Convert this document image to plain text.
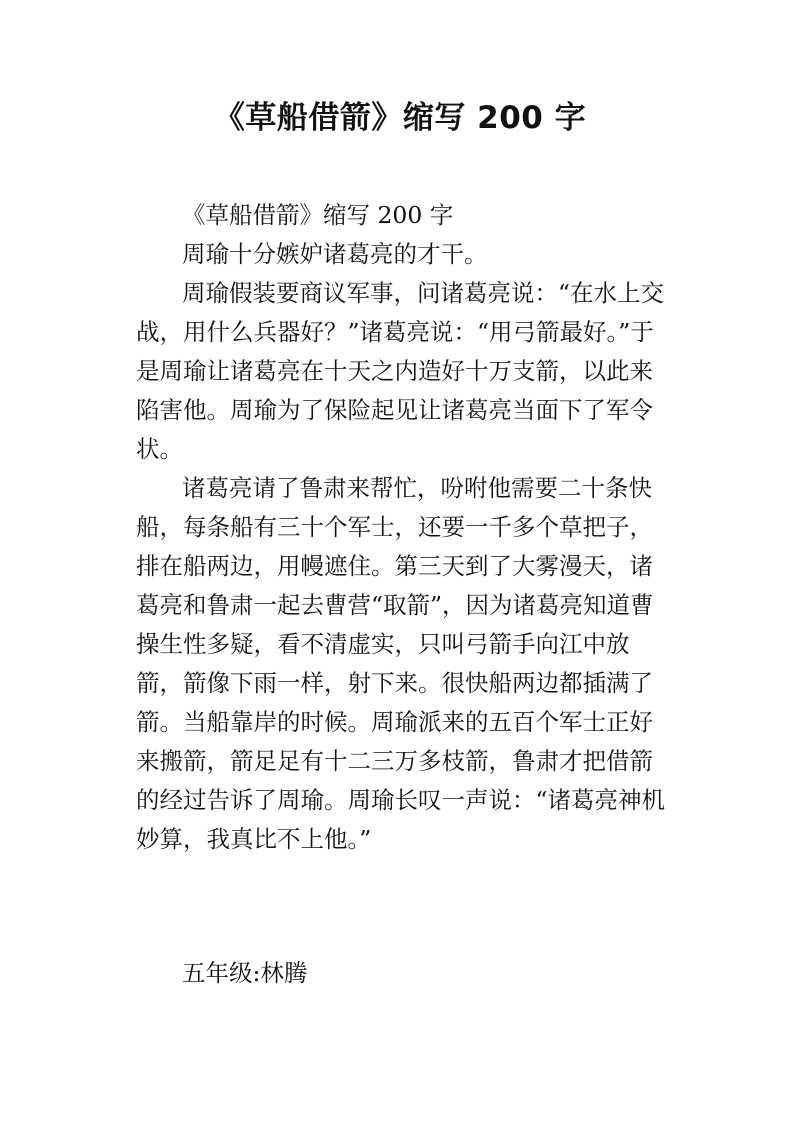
《草船借箭》缩写 200 字

《草船借箭》缩写 200 字

周瑜十分嫉妒诸葛亮的才干。

周瑜假装要商议军事，问诸葛亮说：“在水上交战，用什么兵器好？”诸葛亮说：“用弓箭最好。”于是周瑜让诸葛亮在十天之内造好十万支箭，以此来陷害他。周瑜为了保险起见让诸葛亮当面下了军令状。

诸葛亮请了鲁肃来帮忙，吩咐他需要二十条快船，每条船有三十个军士，还要一千多个草把子，排在船两边，用幔遮住。第三天到了大雾漫天，诸葛亮和鲁肃一起去曹营“取箭”，因为诸葛亮知道曹操生性多疑，看不清虚实，只叫弓箭手向江中放箭，箭像下雨一样，射下来。很快船两边都插满了箭。当船靠岸的时候。周瑜派来的五百个军士正好来搬箭，箭足足有十二三万多枝箭，鲁肃才把借箭的经过告诉了周瑜。周瑜长叹一声说：“诸葛亮神机妙算，我真比不上他。”

五年级:林腾
